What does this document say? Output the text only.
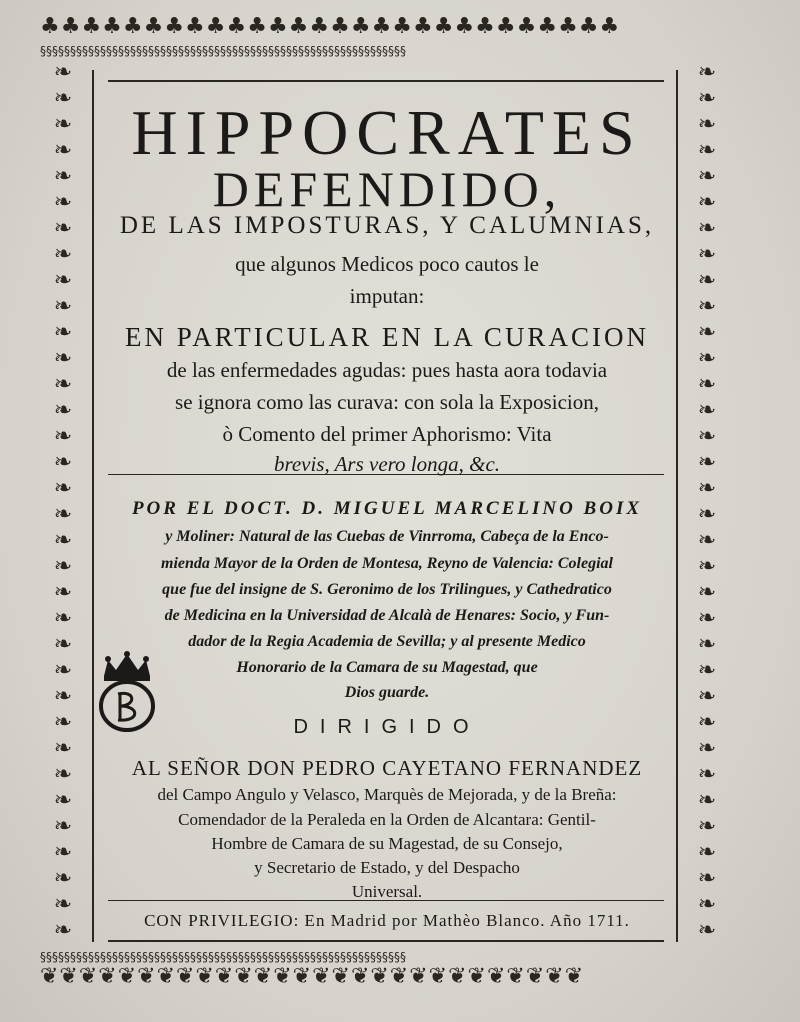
♣♣♣♣♣♣♣♣♣♣♣♣♣♣♣♣♣♣♣♣♣♣♣♣♣♣♣♣
§§§§§§§§§§§§§§§§§§§§§§§§§§§§§§§§§§§§§§§§§§§§§§§§§§§§§§§§§§§§§
❧❧❧❧❧❧❧❧❧❧❧❧❧❧❧❧❧❧❧❧❧❧❧❧❧❧❧❧❧❧❧❧❧❧
❧❧❧❧❧❧❧❧❧❧❧❧❧❧❧❧❧❧❧❧❧❧❧❧❧❧❧❧❧❧❧❧❧❧
§§§§§§§§§§§§§§§§§§§§§§§§§§§§§§§§§§§§§§§§§§§§§§§§§§§§§§§§§§§§§
❦❦❦❦❦❦❦❦❦❦❦❦❦❦❦❦❦❦❦❦❦❦❦❦❦❦❦❦
HIPPOCRATES
DEFENDIDO,
DE LAS IMPOSTURAS, Y CALUMNIAS,
que algunos Medicos poco cautos le
imputan:
EN PARTICULAR EN LA CURACION
de las enfermedades agudas: pues hasta aora todavia
se ignora como las curava: con sola la Exposicion,
ò Comento del primer Aphorismo: Vita
brevis, Ars vero longa, &c.
POR EL DOCT. D. MIGUEL MARCELINO BOIX
y Moliner: Natural de las Cuebas de Vinrroma, Cabeça de la Enco-
mienda Mayor de la Orden de Montesa, Reyno de Valencia: Colegial
que fue del insigne de S. Geronimo de los Trilingues, y Cathedratico
de Medicina en la Universidad de Alcalà de Henares: Socio, y Fun-
dador de la Regia Academia de Sevilla; y al presente Medico
Honorario de la Camara de su Magestad, que
Dios guarde.
DIRIGIDO
AL SEÑOR DON PEDRO CAYETANO FERNANDEZ
del Campo Angulo y Velasco, Marquès de Mejorada, y de la Breña:
Comendador de la Peraleda en la Orden de Alcantara: Gentil-
Hombre de Camara de su Magestad, de su Consejo,
y Secretario de Estado, y del Despacho
Universal.
CON PRIVILEGIO: En Madrid por Mathèo Blanco. Año 1711.
